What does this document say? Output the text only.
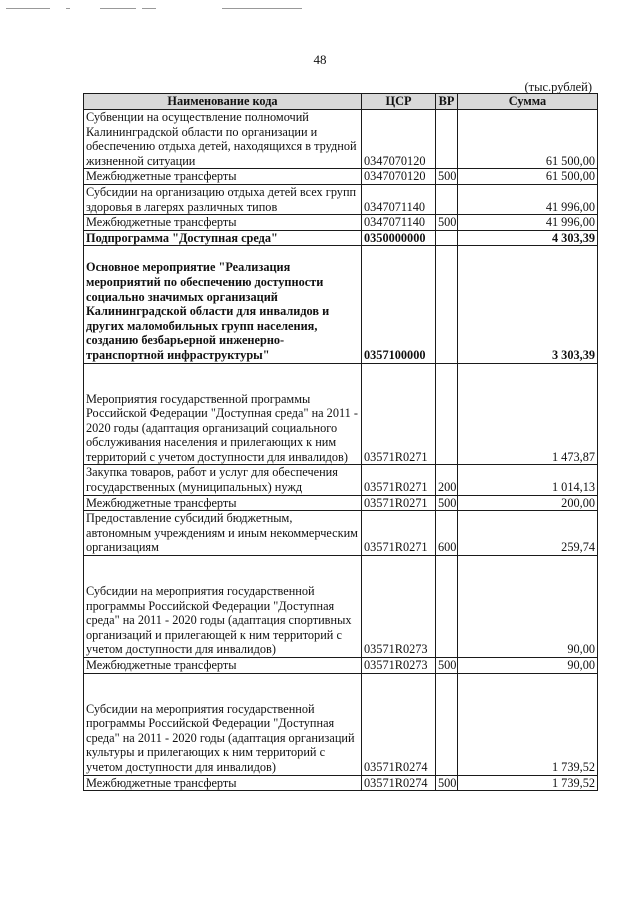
48
(тыс.рублей)
Наименование кода	ЦСР	ВР	Сумма
Субвенции на осуществление полномочий Калининградской области по организации и обеспечению отдыха детей, находящихся в трудной жизненной ситуации	0347070120		61 500,00
Межбюджетные трансферты	0347070120	500	61 500,00
Субсидии на организацию отдыха детей всех групп здоровья в лагерях различных типов	0347071140		41 996,00
Межбюджетные трансферты	0347071140	500	41 996,00
Подпрограмма "Доступная среда"	0350000000		4 303,39
Основное мероприятие "Реализация мероприятий по обеспечению доступности социально значимых организаций Калининградской области для инвалидов и других маломобильных групп населения, созданию безбарьерной инженерно-транспортной инфраструктуры"	0357100000		3 303,39
Мероприятия государственной программы Российской Федерации "Доступная среда" на 2011 - 2020 годы (адаптация организаций социального обслуживания населения и прилегающих к ним территорий с учетом доступности для инвалидов)	03571R0271		1 473,87
Закупка товаров, работ и услуг для обеспечения государственных (муниципальных) нужд	03571R0271	200	1 014,13
Межбюджетные трансферты	03571R0271	500	200,00
Предоставление субсидий бюджетным, автономным учреждениям и иным некоммерческим организациям	03571R0271	600	259,74
Субсидии на мероприятия государственной программы Российской Федерации "Доступная среда" на 2011 - 2020 годы (адаптация спортивных организаций и прилегающей к ним территорий с учетом доступности для инвалидов)	03571R0273		90,00
Межбюджетные трансферты	03571R0273	500	90,00
Субсидии на мероприятия государственной программы Российской Федерации "Доступная среда" на 2011 - 2020 годы (адаптация организаций культуры и прилегающих к ним территорий с учетом доступности для инвалидов)	03571R0274		1 739,52
Межбюджетные трансферты	03571R0274	500	1 739,52
